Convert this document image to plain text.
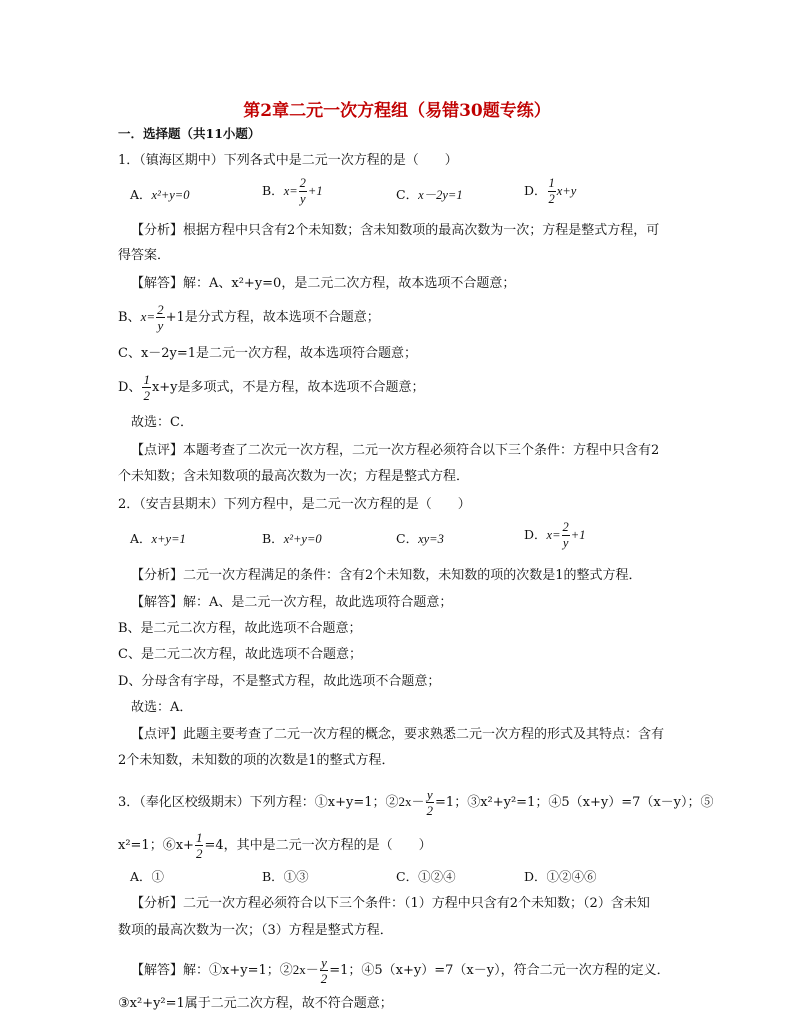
第2章二元一次方程组（易错30题专练）
一．选择题（共11小题）
1．（镇海区期中）下列各式中是二元一次方程的是（　　）
A．x²+y=0	B．$x= \frac{2}{y} +1$	C．x－2y=1	D． $\frac{1}{2} x+y$
【分析】根据方程中只含有2个未知数；含未知数项的最高次数为一次；方程是整式方程，可
得答案．
【解答】解：A、x²+y=0，是二元二次方程，故本选项不合题意；
B、$x= \frac{2}{y} +1$是分式方程，故本选项不合题意；
C、x－2y=1是二元一次方程，故本选项符合题意；
D、 $\frac{1}{2} x+y$是多项式，不是方程，故本选项不合题意；
故选：C．
【点评】本题考查了二次元一次方程，二元一次方程必须符合以下三个条件：方程中只含有2
个未知数；含未知数项的最高次数为一次；方程是整式方程．
2．（安吉县期末）下列方程中，是二元一次方程的是（　　）
A．x+y=1	B．x²+y=0	C．xy=3	D．$x= \frac{2}{y} +1$
【分析】二元一次方程满足的条件：含有2个未知数，未知数的项的次数是1的整式方程．
【解答】解：A、是二元一次方程，故此选项符合题意；
B、是二元二次方程，故此选项不合题意；
C、是二元二次方程，故此选项不合题意；
D、分母含有字母，不是整式方程，故此选项不合题意；
故选：A．
【点评】此题主要考查了二元一次方程的概念，要求熟悉二元一次方程的形式及其特点：含有
2个未知数，未知数的项的次数是1的整式方程．
3．（奉化区校级期末）下列方程：①x+y=1；②2x－ $\frac{y}{2} =1$；③x²+y²=1；④5（x+y）=7（x－y）；⑤
x²=1；⑥x+ $\frac{1}{2} =4$，其中是二元一次方程的是（　　）
A．①	B．①③	C．①②④	D．①②④⑥
【分析】二元一次方程必须符合以下三个条件：（1）方程中只含有2个未知数；（2）含未知
数项的最高次数为一次；（3）方程是整式方程．
【解答】解：①x+y=1；②2x－ $\frac{y}{2} =1$；④5（x+y）=7（x－y），符合二元一次方程的定义．
③x²+y²=1属于二元二次方程，故不符合题意；
